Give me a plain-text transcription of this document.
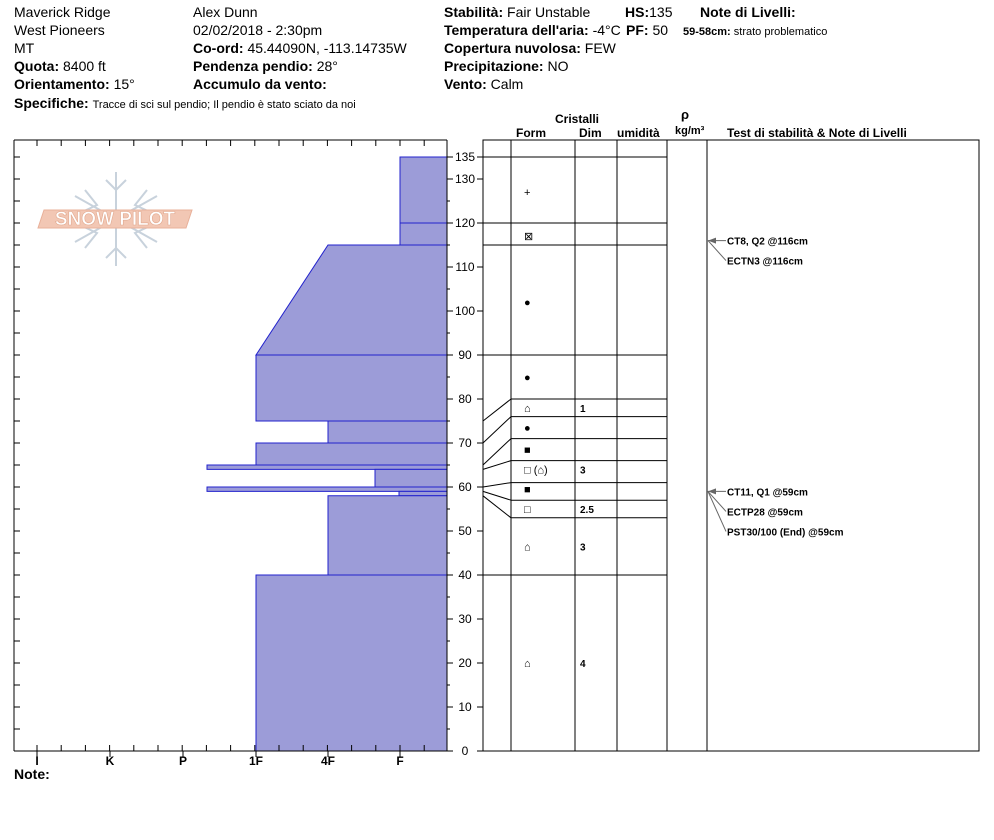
Maverick Ridge
West Pioneers
MT
Quota: 8400 ft
Orientamento: 15°
Specifiche: Tracce di sci sul pendio; Il pendio è stato sciato da noi
Alex Dunn
02/02/2018 - 2:30pm
Co-ord: 45.44090N, -113.14735W
Pendenza pendio: 28°
Accumulo da vento:
Stabilità: Fair Unstable
Temperatura dell'aria: -4°C
Copertura nuvolosa: FEW
Precipitazione: NO
Vento: Calm
HS:135
PF: 50
Note di Livelli:
59-58cm: strato problematico
Cristalli
Form	Dim umidità
ρ
kg/m³ Test di stabilità & Note di Livelli
Note:
SNOW PILOT
I	K	P	1F	4F	F
0
10
20
30
40
50
60
70
80
90
100
110
120
130
135
+
⊠
●
●
⌂	1
●
■
□ (⌂)	3
■
□	2.5
⌂	3
⌂	4
CT11, Q1 @59cm
ECTP28 @59cm
PST30/100 (End) @59cm
CT8, Q2 @116cm
ECTN3 @116cm
